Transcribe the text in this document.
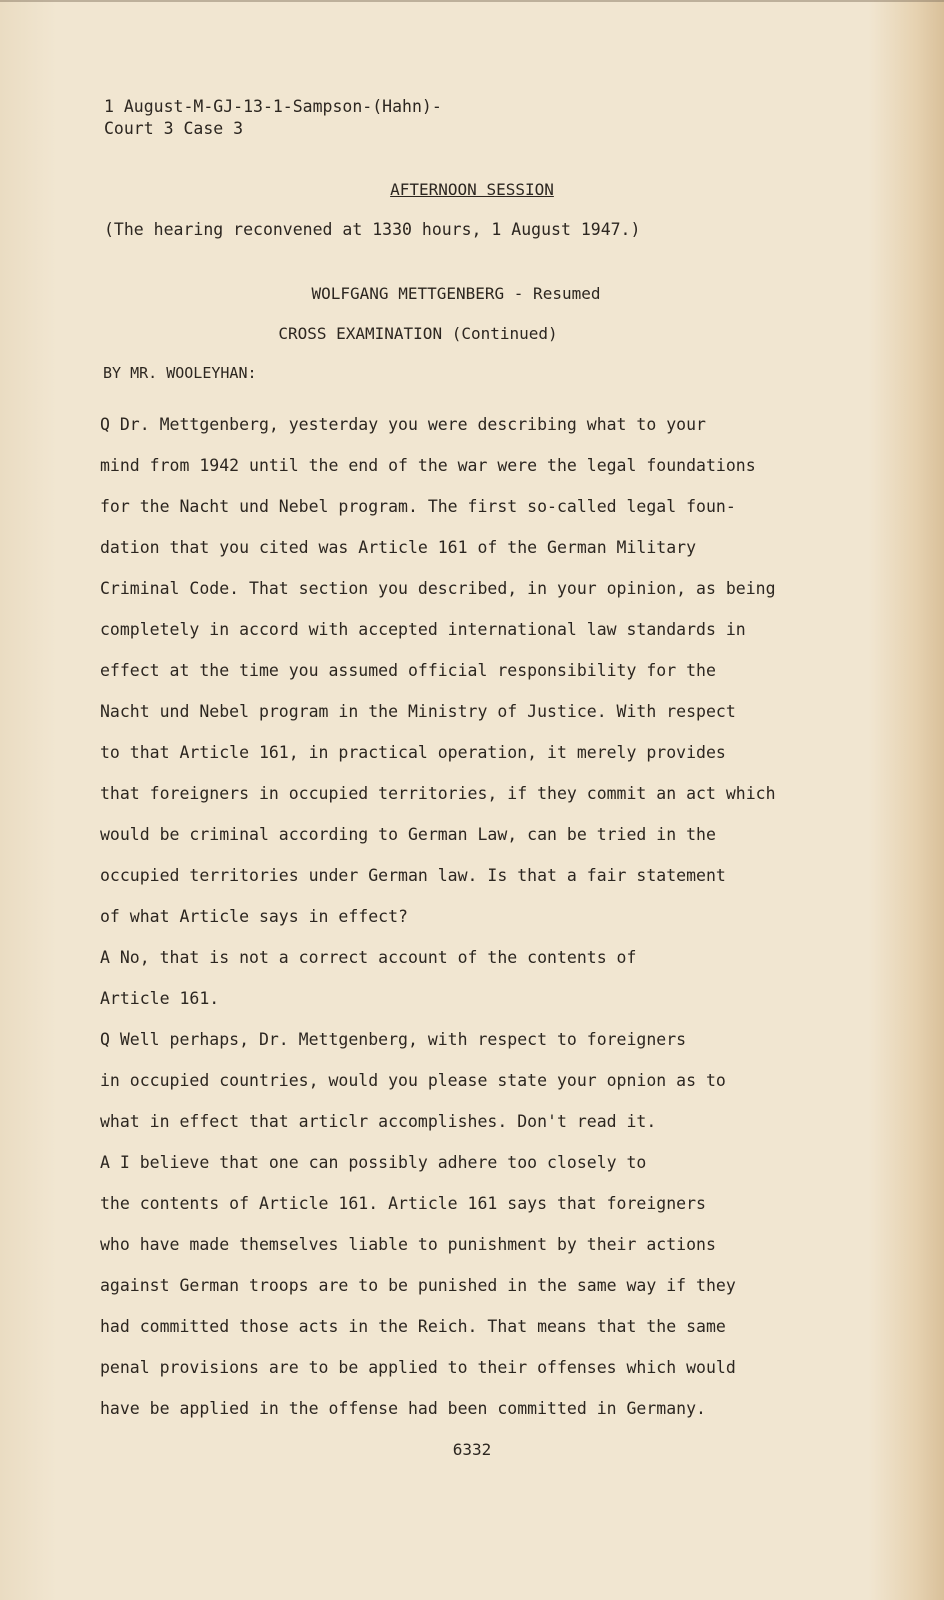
1 August-M-GJ-13-1-Sampson-(Hahn)-
Court 3 Case 3
AFTERNOON SESSION
(The hearing reconvened at 1330 hours, 1 August 1947.)
WOLFGANG METTGENBERG - Resumed
CROSS EXAMINATION (Continued)
BY MR. WOOLEYHAN:

Q Dr. Mettgenberg, yesterday you were describing what to your
mind from 1942 until the end of the war were the legal foundations
for the Nacht und Nebel program. The first so-called legal foun-
dation that you cited was Article 161 of the German Military
Criminal Code. That section you described, in your opinion, as being
completely in accord with accepted international law standards in
effect at the time you assumed official responsibility for the
Nacht und Nebel program in the Ministry of Justice. With respect
to that Article 161, in practical operation, it merely provides
that foreigners in occupied territories, if they commit an act which
would be criminal according to German Law, can be tried in the
occupied territories under German law. Is that a fair statement
of what Article says in effect?

A No, that is not a correct account of the contents of
Article 161.

Q Well perhaps, Dr. Mettgenberg, with respect to foreigners
in occupied countries, would you please state your opnion as to
what in effect that articlr accomplishes. Don't read it.

A I believe that one can possibly adhere too closely to
the contents of Article 161. Article 161 says that foreigners
who have made themselves liable to punishment by their actions
against German troops are to be punished in the same way if they
had committed those acts in the Reich. That means that the same
penal provisions are to be applied to their offenses which would
have be applied in the offense had been committed in Germany.

6332
